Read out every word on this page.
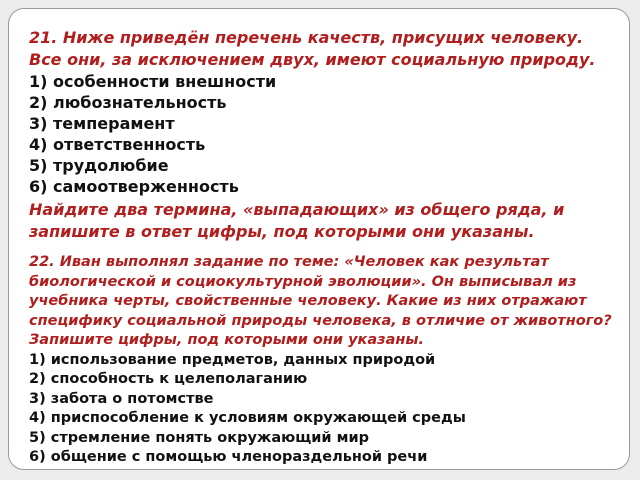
21. Ниже приведён перечень качеств, присущих человеку. Все они, за исключением двух, имеют социальную природу.
1) особенности внешности
2) любознательность
3) темперамент
4) ответственность
5) трудолюбие
6) самоотверженность
Найдите два термина, «выпадающих» из общего ряда, и запишите в ответ цифры, под которыми они указаны.
22. Иван выполнял задание по теме: «Человек как результат биологической и социокультурной эволюции». Он выписывал из учебника черты, свойственные человеку. Какие из них отражают специфику социальной природы человека, в отличие от животного? Запишите цифры, под которыми они указаны.
1) использование предметов, данных природой
2) способность к целеполаганию
3) забота о потомстве
4) приспособление к условиям окружающей среды
5) стремление понять окружающий мир
6) общение с помощью членораздельной речи
